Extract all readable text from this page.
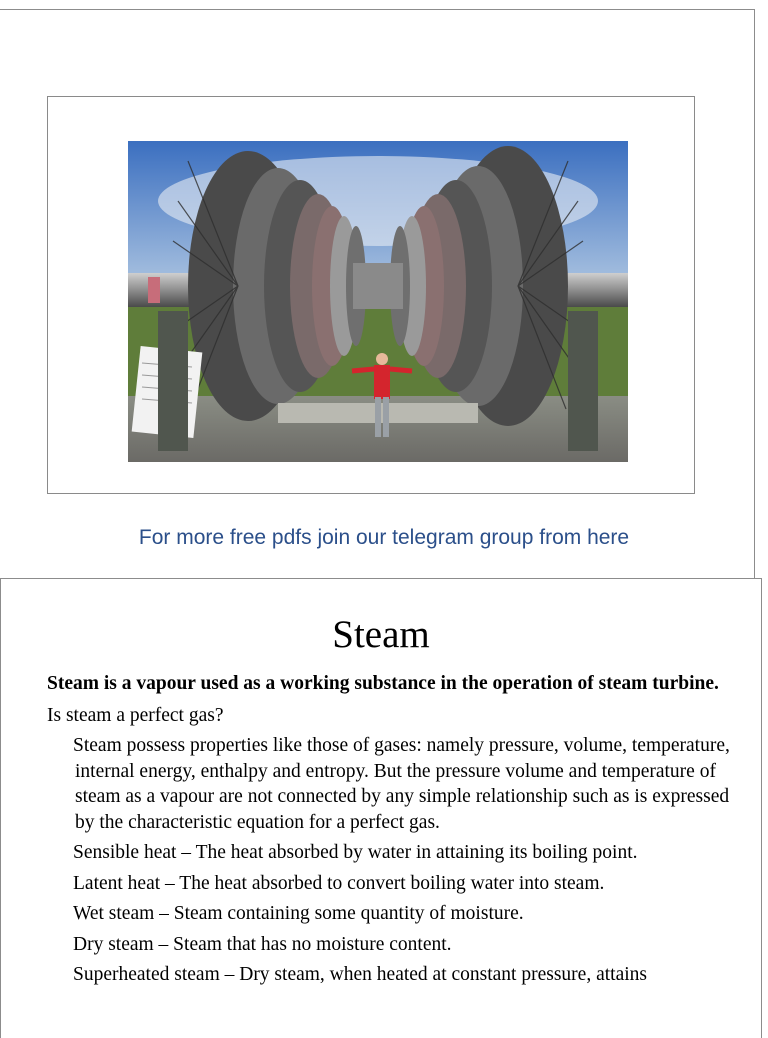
For more free pdfs join our telegram group from here
Steam
Steam is a vapour used as a working substance in the operation of steam turbine.
Is steam a perfect gas?
Steam possess properties like those of gases: namely pressure, volume, temperature, internal energy, enthalpy and entropy. But the pressure volume and temperature of steam as a vapour are not connected by any simple relationship such as is expressed by the characteristic equation for a perfect gas.
Sensible heat – The heat absorbed by water in attaining its boiling point.
Latent heat – The heat absorbed to convert boiling water into steam.
Wet steam – Steam containing some quantity of moisture.
Dry steam – Steam that has no moisture content.
Superheated steam – Dry steam, when heated at constant pressure, attains
